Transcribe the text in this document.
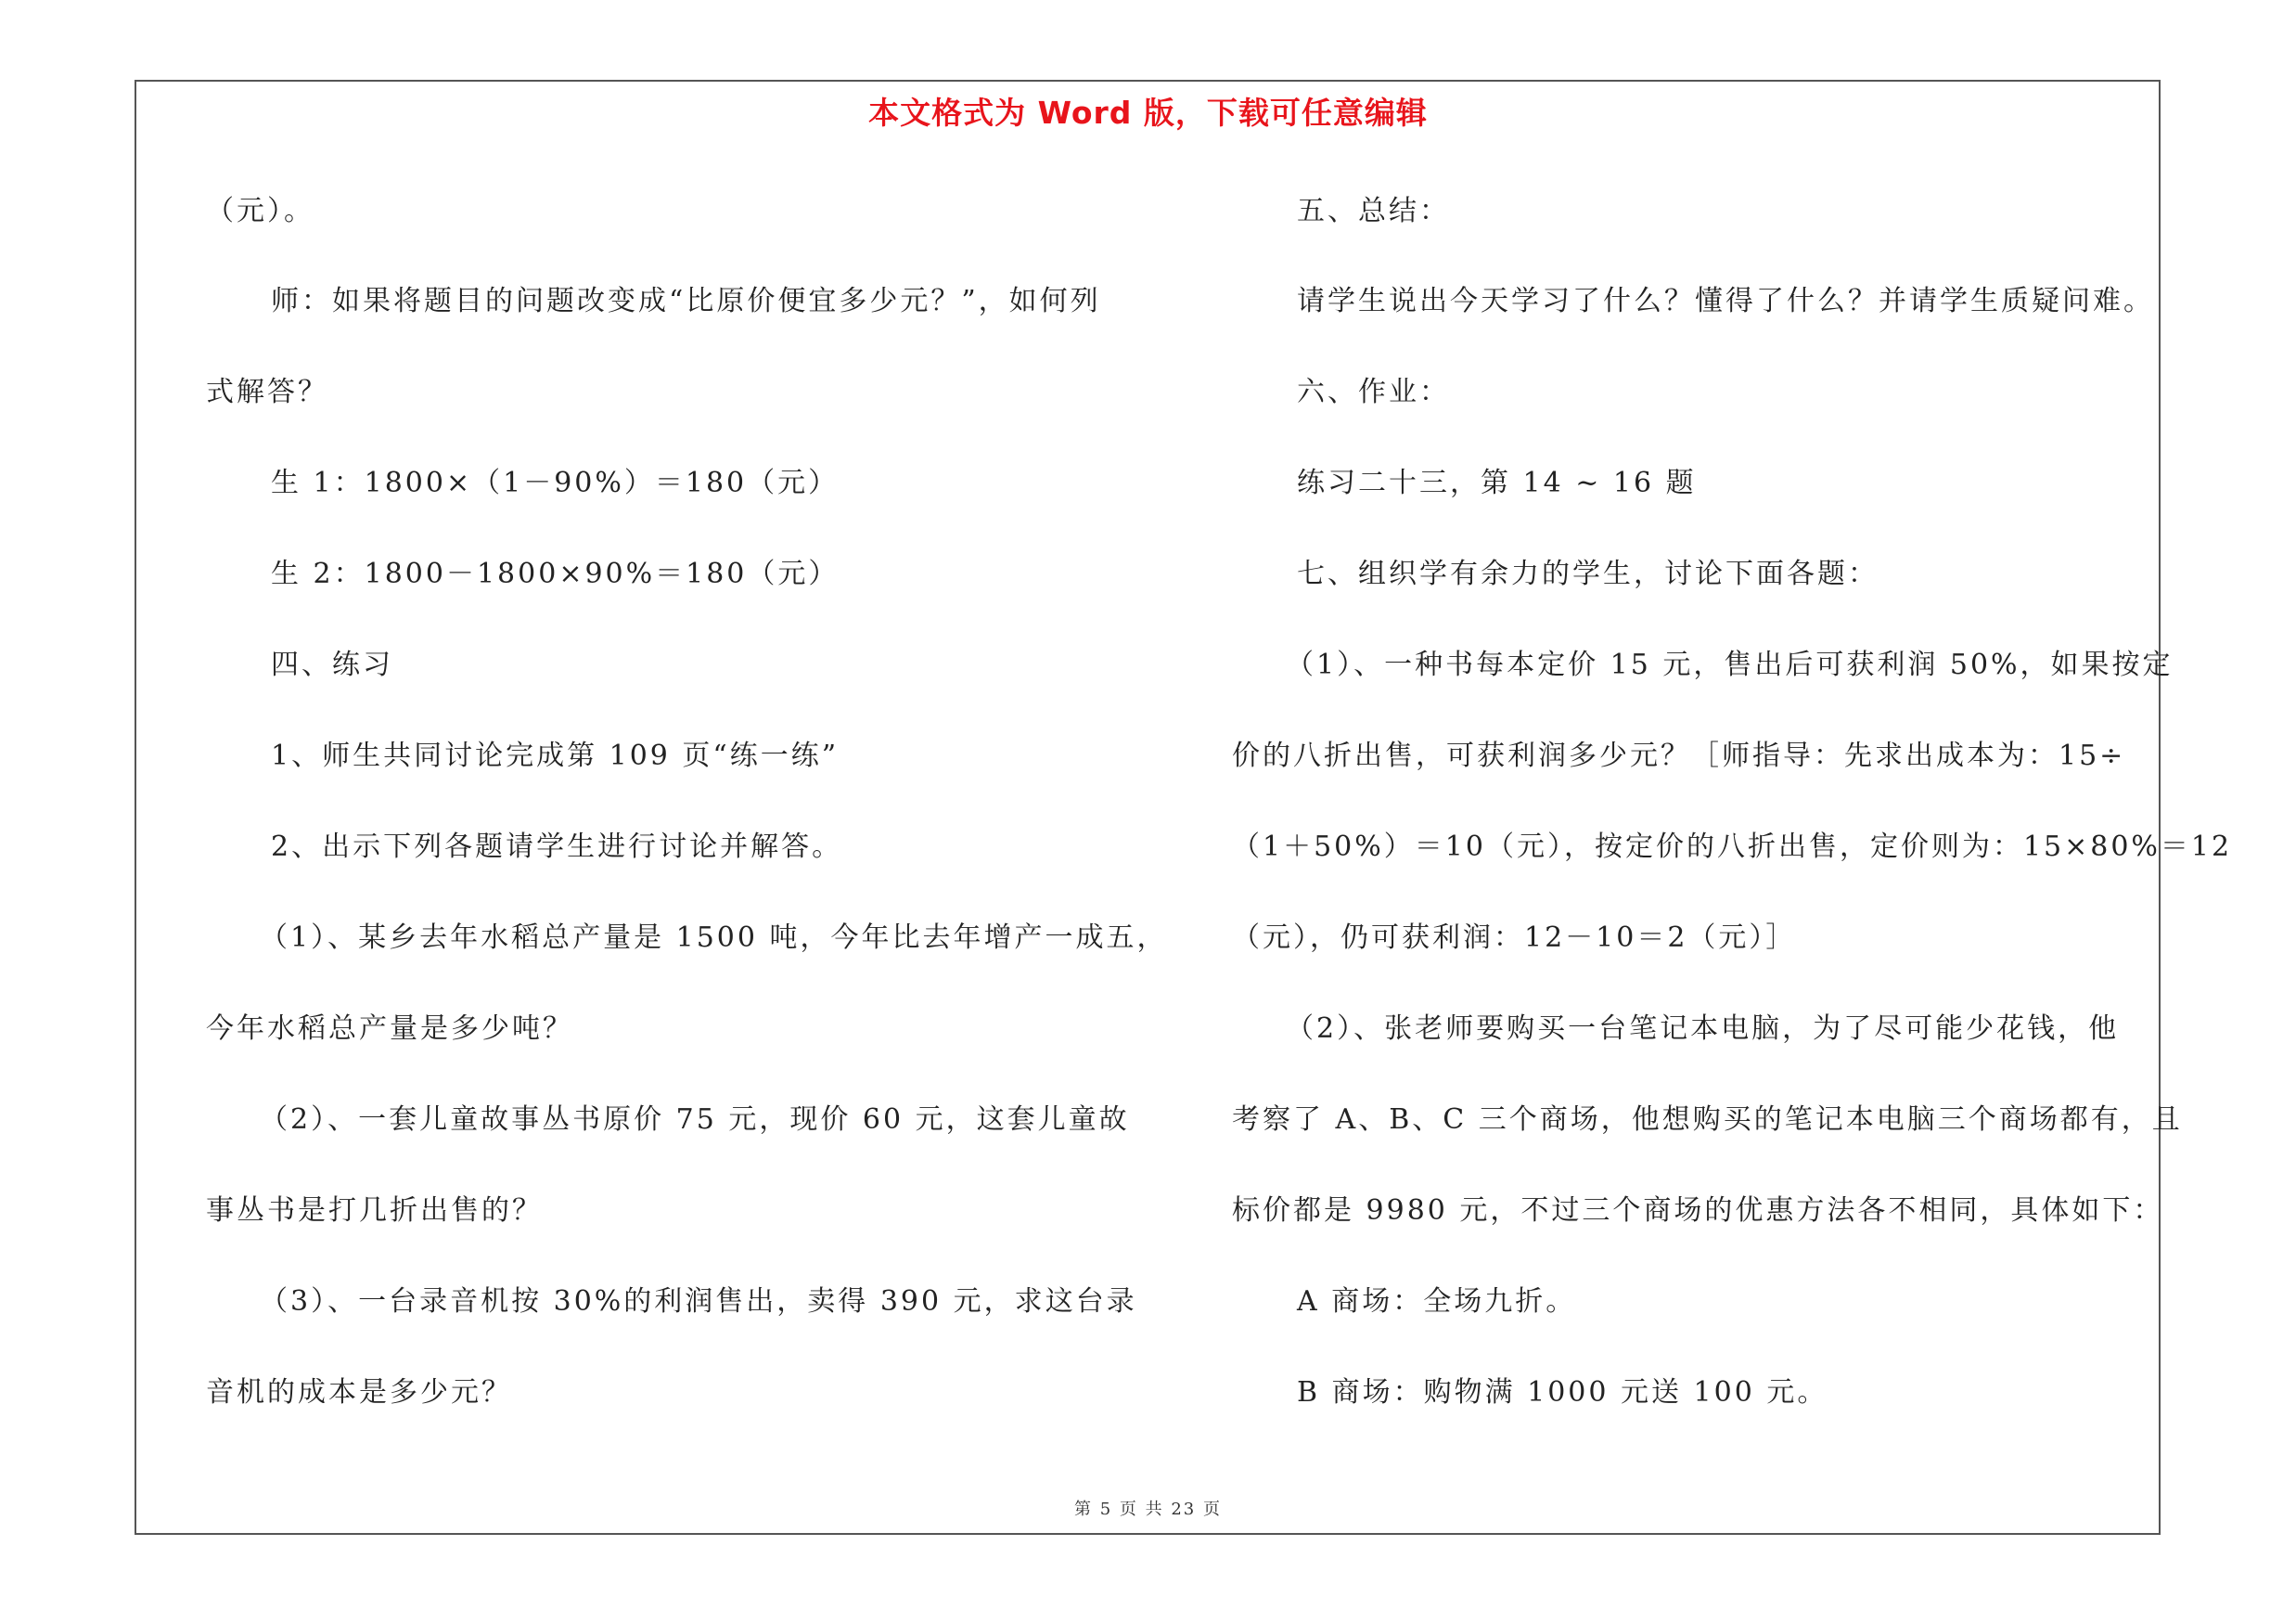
本文格式为 Word 版，下载可任意编辑
（元）。
师：如果将题目的问题改变成“比原价便宜多少元？”，如何列
式解答？
生 1：1800×（1－90%）＝180（元）
生 2：1800－1800×90%＝180（元）
四、练习
1、师生共同讨论完成第 109 页“练一练”
2、出示下列各题请学生进行讨论并解答。
（1）、某乡去年水稻总产量是 1500 吨，今年比去年增产一成五，
今年水稻总产量是多少吨？
（2）、一套儿童故事丛书原价 75 元，现价 60 元，这套儿童故
事丛书是打几折出售的？
（3）、一台录音机按 30%的利润售出，卖得 390 元，求这台录
音机的成本是多少元？
五、总结：
请学生说出今天学习了什么？懂得了什么？并请学生质疑问难。
六、作业：
练习二十三，第 14 ~ 16 题
七、组织学有余力的学生，讨论下面各题：
（1）、一种书每本定价 15 元，售出后可获利润 50%，如果按定
价的八折出售，可获利润多少元？［师指导：先求出成本为：15÷
（1＋50%）＝10（元），按定价的八折出售，定价则为：15×80%＝12
（元），仍可获利润：12－10＝2（元）］
（2）、张老师要购买一台笔记本电脑，为了尽可能少花钱，他
考察了 A、B、C 三个商场，他想购买的笔记本电脑三个商场都有，且
标价都是 9980 元，不过三个商场的优惠方法各不相同，具体如下：
A 商场：全场九折。
B 商场：购物满 1000 元送 100 元。
第 5 页 共 23 页
